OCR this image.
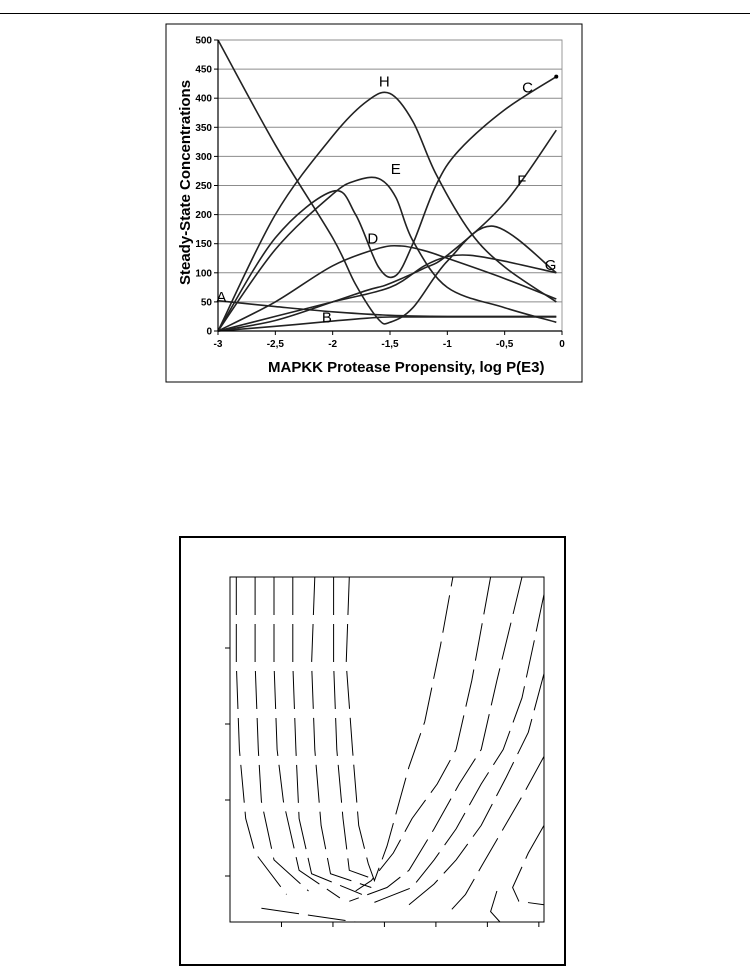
0
50
100
150
200
250
300
350
400
450
500
-3	-2,5	-2	-1,5	-1	-0,5	0
MAPKK Protease Propensity, log P(E3)
Steady-State Concentrations
A
B
C
D
E
F
G
H
